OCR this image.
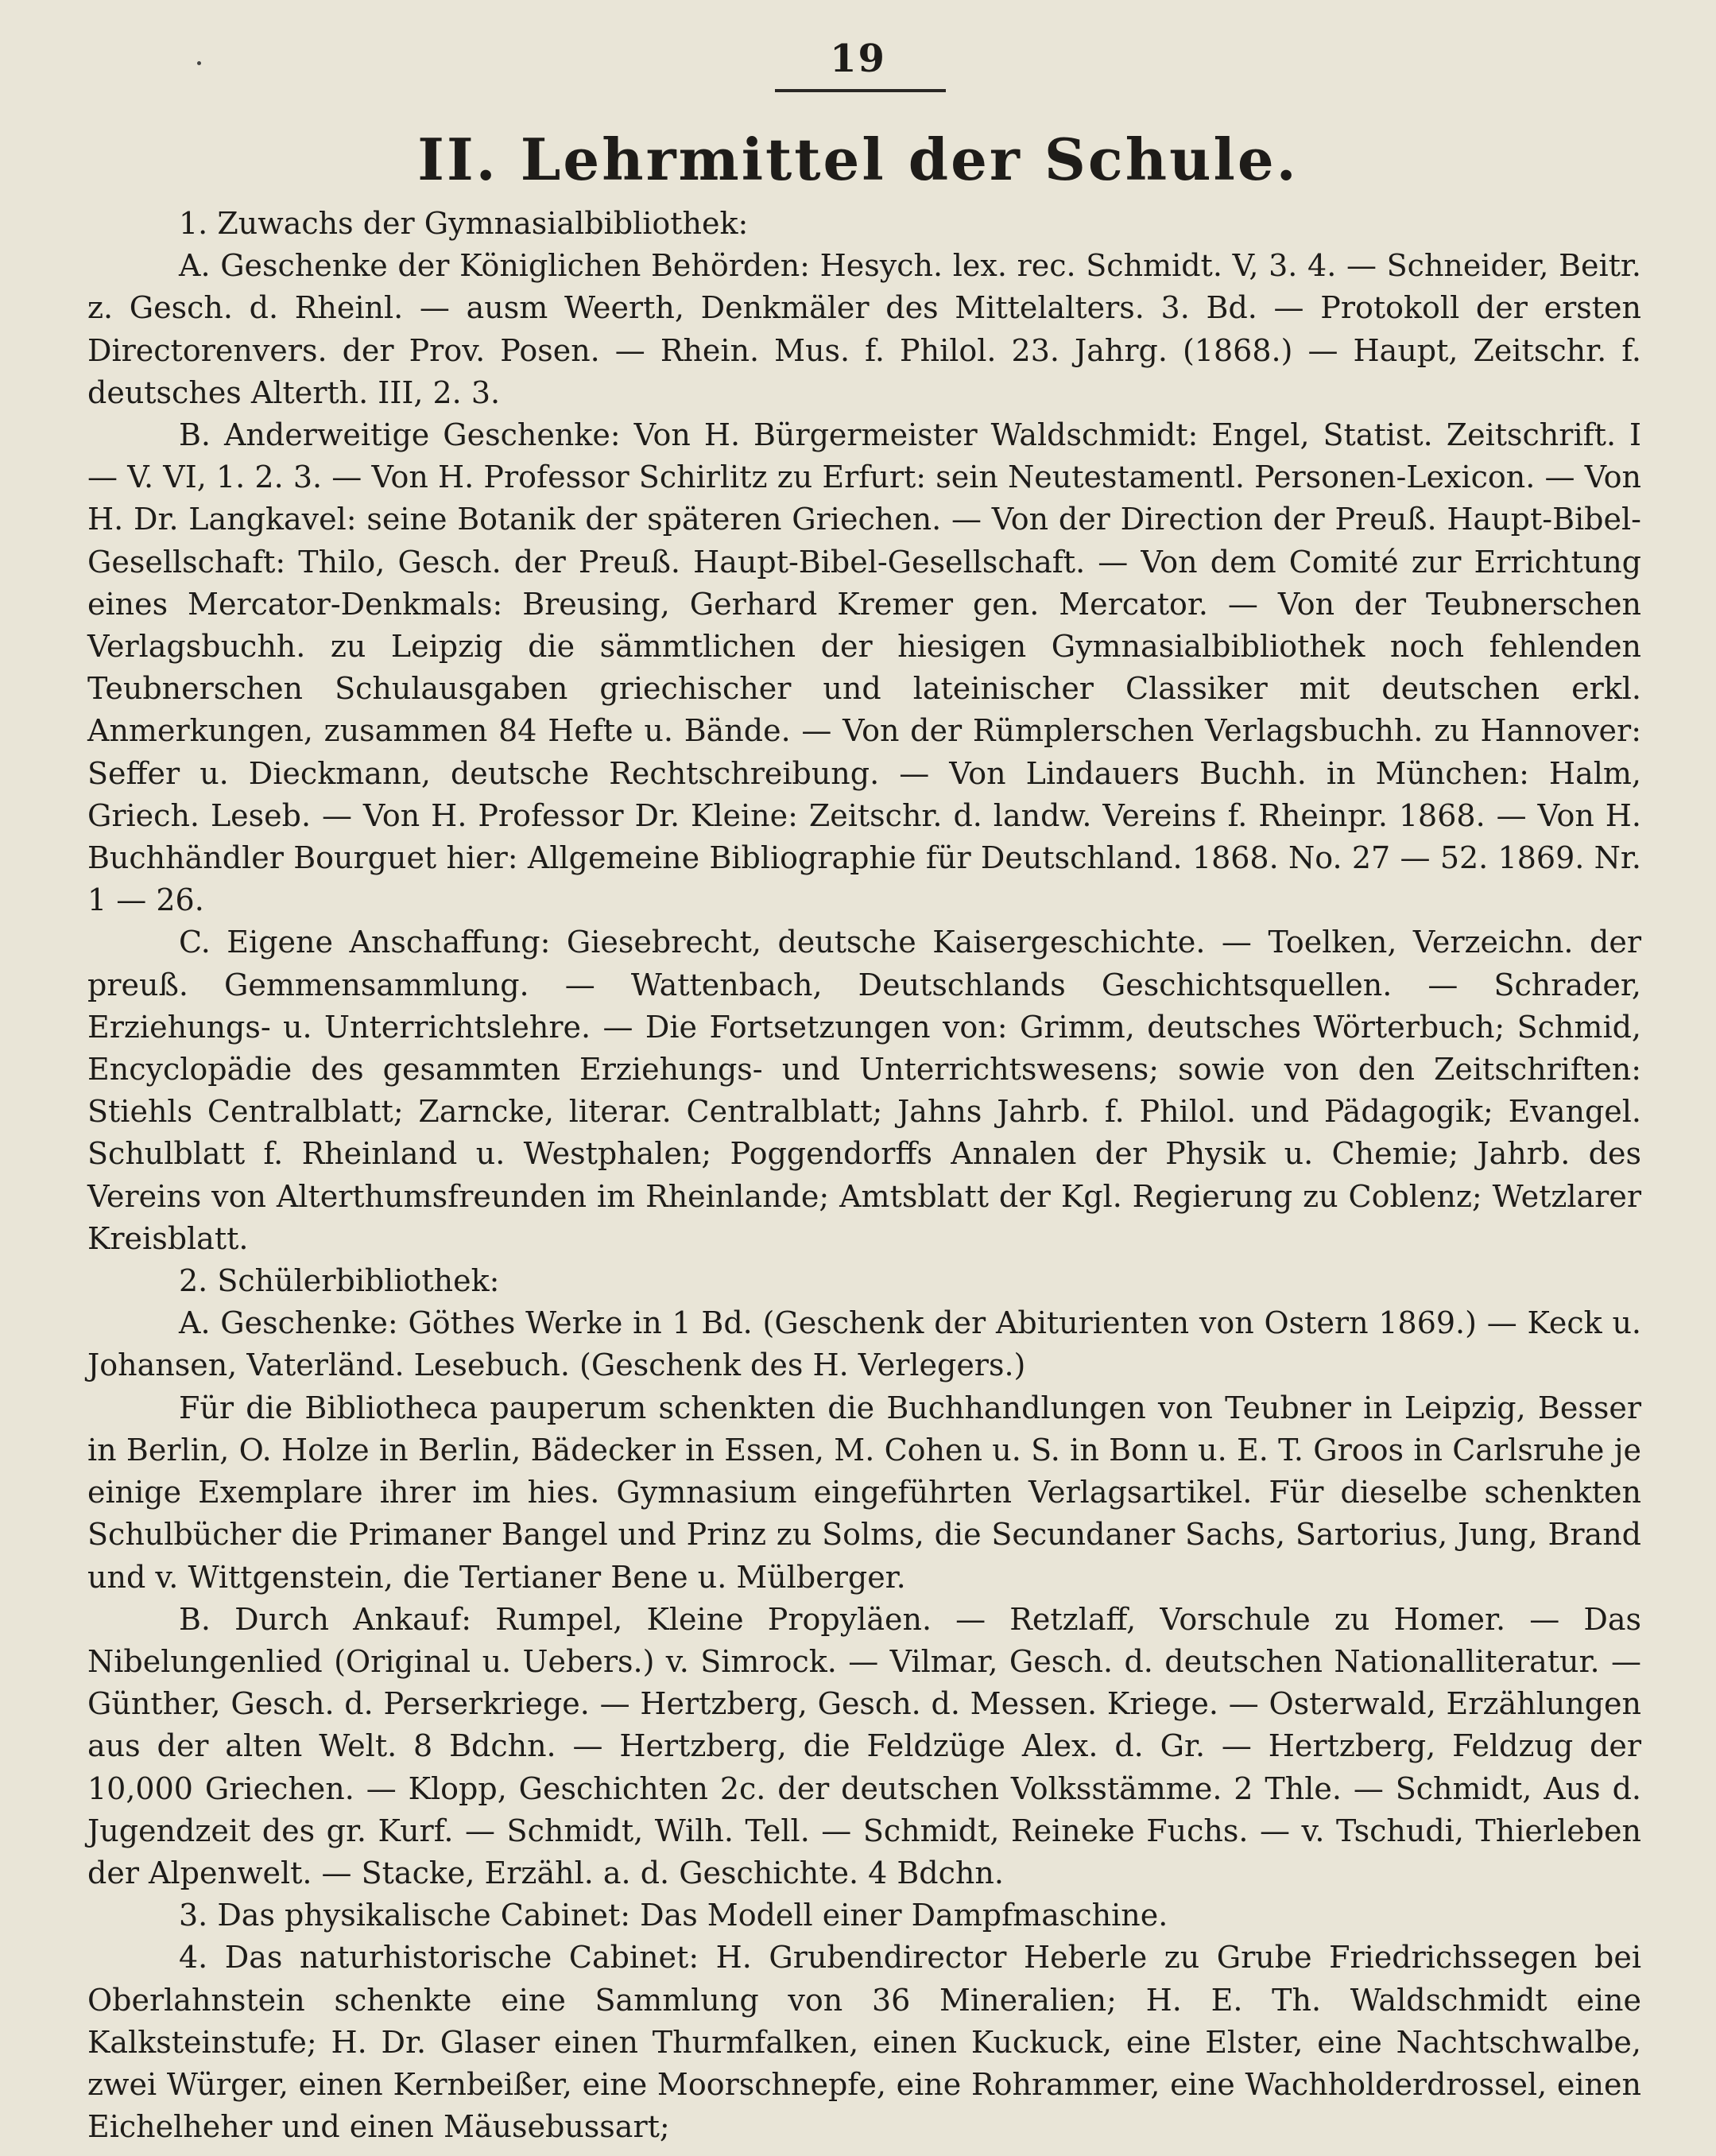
19
II. Lehrmittel der Schule.

1. Zuwachs der Gymnasialbibliothek:

A. Geschenke der Königlichen Behörden: Hesych. lex. rec. Schmidt. V, 3. 4. — Schneider, Beitr. z. Gesch. d. Rheinl. — ausm Weerth, Denkmäler des Mittelalters. 3. Bd. — Protokoll der ersten Directorenvers. der Prov. Posen. — Rhein. Mus. f. Philol. 23. Jahrg. (1868.) — Haupt, Zeitschr. f. deutsches Alterth. III, 2. 3.

B. Anderweitige Geschenke: Von H. Bürgermeister Waldschmidt: Engel, Statist. Zeitschrift. I — V. VI, 1. 2. 3. — Von H. Professor Schirlitz zu Erfurt: sein Neutestamentl. Personen-Lexicon. — Von H. Dr. Langkavel: seine Botanik der späteren Griechen. — Von der Direction der Preuß. Haupt-Bibel-Gesellschaft: Thilo, Gesch. der Preuß. Haupt-Bibel-Gesellschaft. — Von dem Comité zur Errichtung eines Mercator-Denkmals: Breusing, Gerhard Kremer gen. Mercator. — Von der Teubnerschen Verlagsbuchh. zu Leipzig die sämmtlichen der hiesigen Gymnasialbibliothek noch fehlenden Teubnerschen Schulausgaben griechischer und lateinischer Classiker mit deutschen erkl. Anmerkungen, zusammen 84 Hefte u. Bände. — Von der Rümplerschen Verlagsbuchh. zu Hannover: Seffer u. Dieckmann, deutsche Rechtschreibung. — Von Lindauers Buchh. in München: Halm, Griech. Leseb. — Von H. Professor Dr. Kleine: Zeitschr. d. landw. Vereins f. Rheinpr. 1868. — Von H. Buchhändler Bourguet hier: Allgemeine Bibliographie für Deutschland. 1868. No. 27 — 52. 1869. Nr. 1 — 26.

C. Eigene Anschaffung: Giesebrecht, deutsche Kaisergeschichte. — Toelken, Verzeichn. der preuß. Gemmensammlung. — Wattenbach, Deutschlands Geschichtsquellen. — Schrader, Erziehungs- u. Unterrichtslehre. — Die Fortsetzungen von: Grimm, deutsches Wörterbuch; Schmid, Encyclopädie des gesammten Erziehungs- und Unterrichtswesens; sowie von den Zeitschriften: Stiehls Centralblatt; Zarncke, literar. Centralblatt; Jahns Jahrb. f. Philol. und Pädagogik; Evangel. Schulblatt f. Rheinland u. Westphalen; Poggendorffs Annalen der Physik u. Chemie; Jahrb. des Vereins von Alterthumsfreunden im Rheinlande; Amtsblatt der Kgl. Regierung zu Coblenz; Wetzlarer Kreisblatt.

2. Schülerbibliothek:

A. Geschenke: Göthes Werke in 1 Bd. (Geschenk der Abiturienten von Ostern 1869.) — Keck u. Johansen, Vaterländ. Lesebuch. (Geschenk des H. Verlegers.)

Für die Bibliotheca pauperum schenkten die Buchhandlungen von Teubner in Leipzig, Besser in Berlin, O. Holze in Berlin, Bädecker in Essen, M. Cohen u. S. in Bonn u. E. T. Groos in Carlsruhe je einige Exemplare ihrer im hies. Gymnasium eingeführten Verlagsartikel. Für dieselbe schenkten Schulbücher die Primaner Bangel und Prinz zu Solms, die Secundaner Sachs, Sartorius, Jung, Brand und v. Wittgenstein, die Tertianer Bene u. Mülberger.

B. Durch Ankauf: Rumpel, Kleine Propyläen. — Retzlaff, Vorschule zu Homer. — Das Nibelungenlied (Original u. Uebers.) v. Simrock. — Vilmar, Gesch. d. deutschen Nationalliteratur. — Günther, Gesch. d. Perserkriege. — Hertzberg, Gesch. d. Messen. Kriege. — Osterwald, Erzählungen aus der alten Welt. 8 Bdchn. — Hertzberg, die Feldzüge Alex. d. Gr. — Hertzberg, Feldzug der 10,000 Griechen. — Klopp, Geschichten 2c. der deutschen Volksstämme. 2 Thle. — Schmidt, Aus d. Jugendzeit des gr. Kurf. — Schmidt, Wilh. Tell. — Schmidt, Reineke Fuchs. — v. Tschudi, Thierleben der Alpenwelt. — Stacke, Erzähl. a. d. Geschichte. 4 Bdchn.

3. Das physikalische Cabinet: Das Modell einer Dampfmaschine.

4. Das naturhistorische Cabinet: H. Grubendirector Heberle zu Grube Friedrichssegen bei Oberlahnstein schenkte eine Sammlung von 36 Mineralien; H. E. Th. Waldschmidt eine Kalksteinstufe; H. Dr. Glaser einen Thurmfalken, einen Kuckuck, eine Elster, eine Nachtschwalbe, zwei Würger, einen Kernbeißer, eine Moorschnepfe, eine Rohrammer, eine Wachholderdrossel, einen Eichelheher und einen Mäusebussart;
